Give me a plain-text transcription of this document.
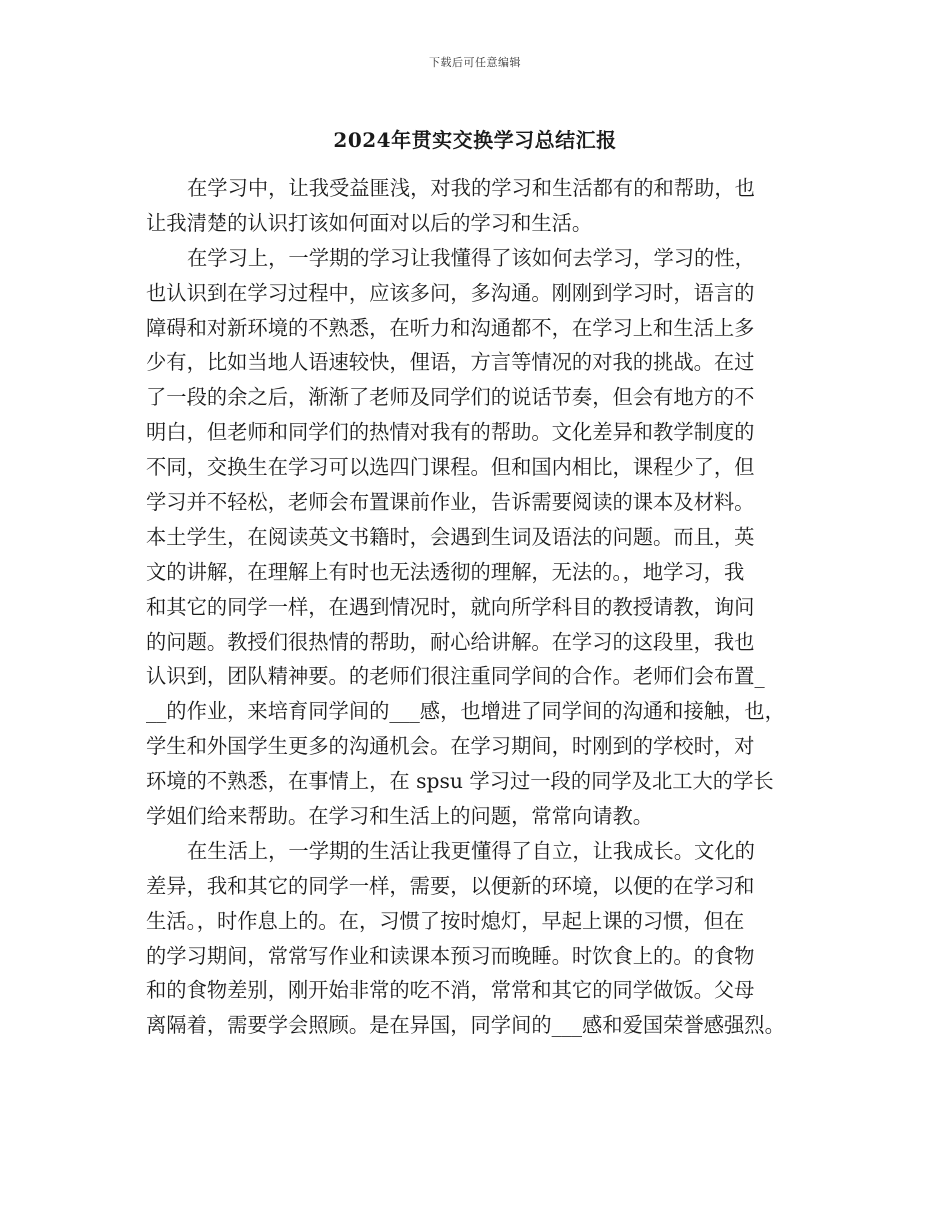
下载后可任意编辑
2024年贯实交换学习总结汇报
在学习中，让我受益匪浅，对我的学习和生活都有的和帮助，也
让我清楚的认识打该如何面对以后的学习和生活。
在学习上，一学期的学习让我懂得了该如何去学习，学习的性，
也认识到在学习过程中，应该多问，多沟通。刚刚到学习时，语言的
障碍和对新环境的不熟悉，在听力和沟通都不，在学习上和生活上多
少有，比如当地人语速较快，俚语，方言等情况的对我的挑战。在过
了一段的余之后，渐渐了老师及同学们的说话节奏，但会有地方的不
明白，但老师和同学们的热情对我有的帮助。文化差异和教学制度的
不同，交换生在学习可以选四门课程。但和国内相比，课程少了，但
学习并不轻松，老师会布置课前作业，告诉需要阅读的课本及材料。
本土学生，在阅读英文书籍时，会遇到生词及语法的问题。而且，英
文的讲解，在理解上有时也无法透彻的理解，无法的。，地学习，我
和其它的同学一样，在遇到情况时，就向所学科目的教授请教，询问
的问题。教授们很热情的帮助，耐心给讲解。在学习的这段里，我也
认识到，团队精神要。的老师们很注重同学间的合作。老师们会布置_
__的作业，来培育同学间的___感，也增进了同学间的沟通和接触，也，
学生和外国学生更多的沟通机会。在学习期间，时刚到的学校时，对
环境的不熟悉，在事情上，在 spsu 学习过一段的同学及北工大的学长
学姐们给来帮助。在学习和生活上的问题，常常向请教。
在生活上，一学期的生活让我更懂得了自立，让我成长。文化的
差异，我和其它的同学一样，需要，以便新的环境，以便的在学习和
生活。，时作息上的。在，习惯了按时熄灯，早起上课的习惯，但在
的学习期间，常常写作业和读课本预习而晚睡。时饮食上的。的食物
和的食物差别，刚开始非常的吃不消，常常和其它的同学做饭。父母
离隔着，需要学会照顾。是在异国，同学间的___感和爱国荣誉感强烈。
